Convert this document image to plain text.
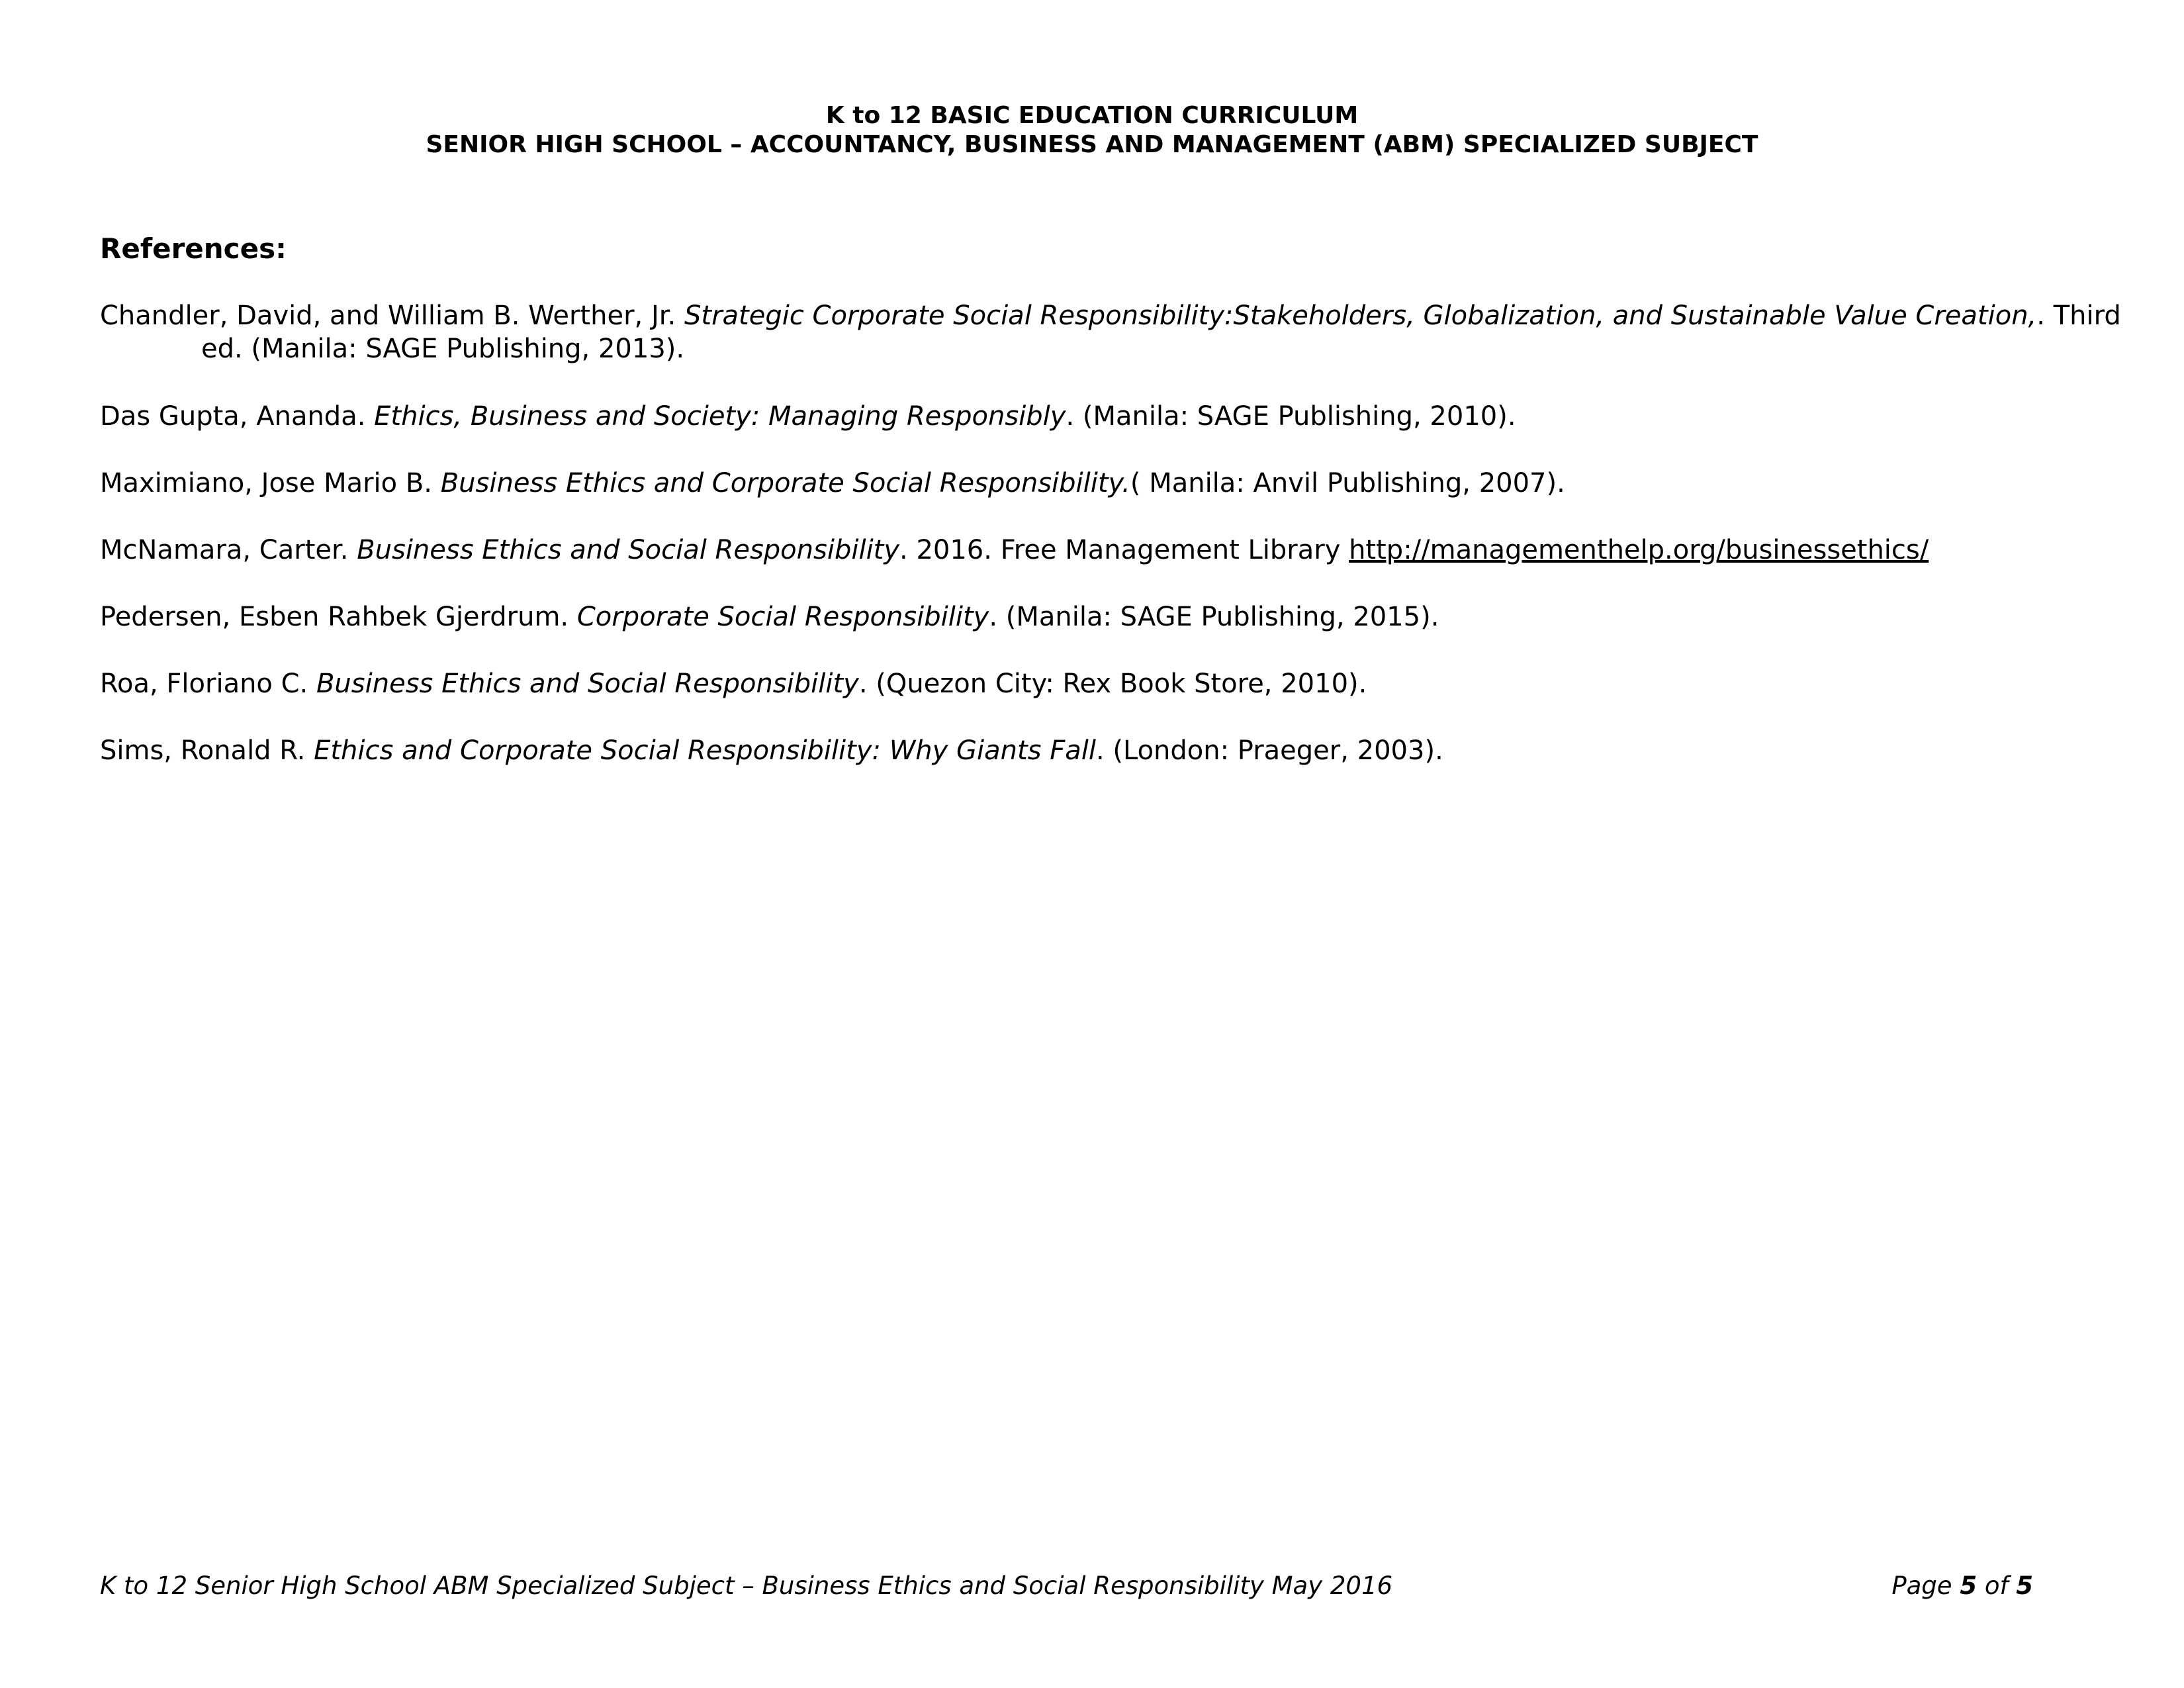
K to 12 BASIC EDUCATION CURRICULUM
SENIOR HIGH SCHOOL – ACCOUNTANCY, BUSINESS AND MANAGEMENT (ABM) SPECIALIZED SUBJECT
References:
Chandler, David, and William B. Werther, Jr. Strategic Corporate Social Responsibility:Stakeholders, Globalization, and Sustainable Value Creation,. Third ed. (Manila: SAGE Publishing, 2013).
Das Gupta, Ananda. Ethics, Business and Society: Managing Responsibly. (Manila: SAGE Publishing, 2010).
Maximiano, Jose Mario B. Business Ethics and Corporate Social Responsibility.( Manila: Anvil Publishing, 2007).
McNamara, Carter. Business Ethics and Social Responsibility. 2016. Free Management Library http://managementhelp.org/businessethics/
Pedersen, Esben Rahbek Gjerdrum. Corporate Social Responsibility. (Manila: SAGE Publishing, 2015).
Roa, Floriano C. Business Ethics and Social Responsibility. (Quezon City: Rex Book Store, 2010).
Sims, Ronald R. Ethics and Corporate Social Responsibility: Why Giants Fall. (London: Praeger, 2003).
K to 12 Senior High School ABM Specialized Subject – Business Ethics and Social Responsibility May 2016	Page 5 of 5
